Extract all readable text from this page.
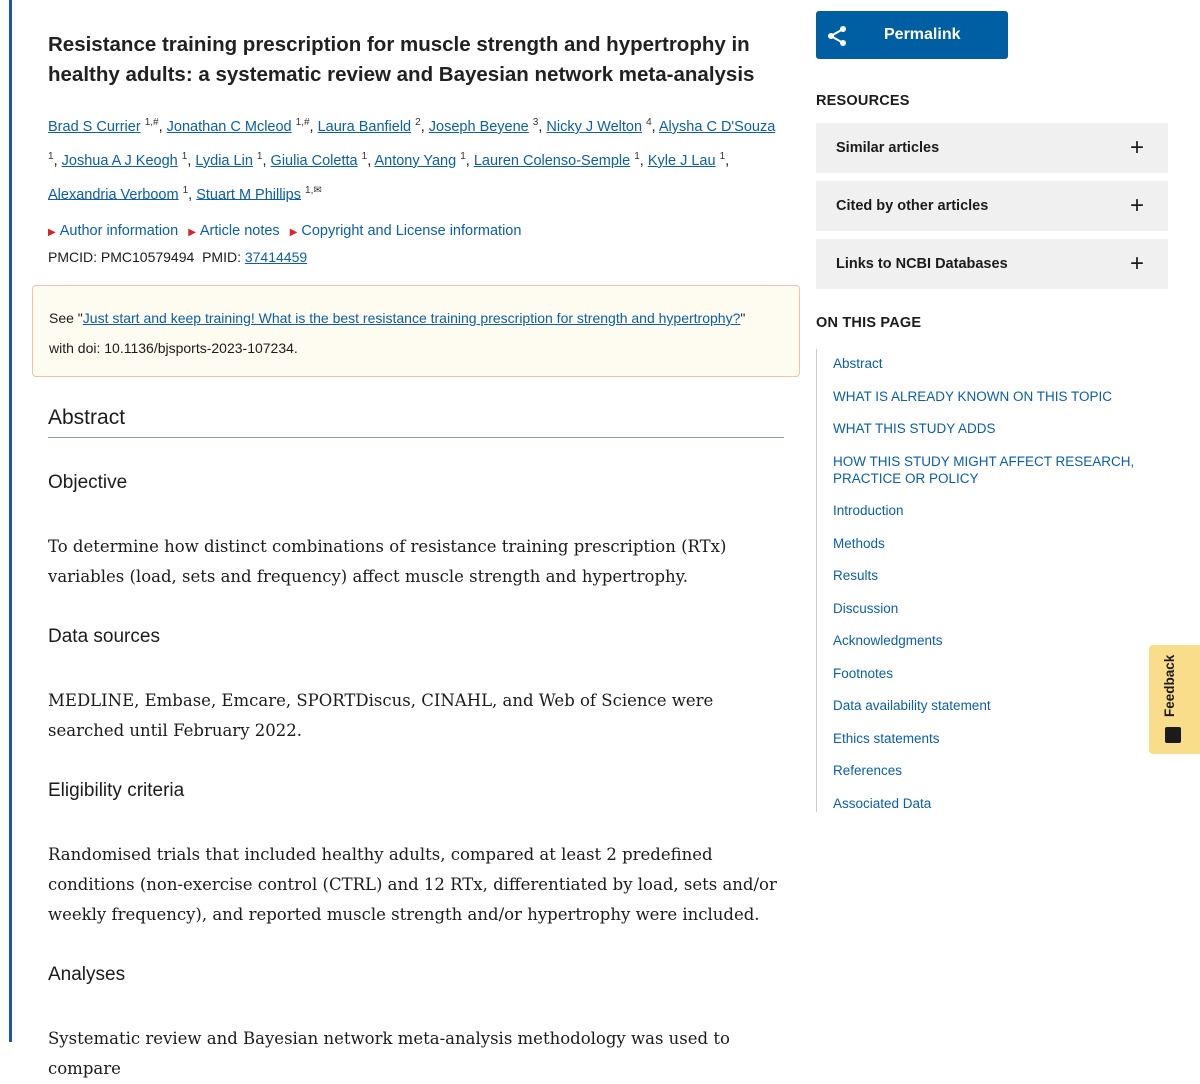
Resistance training prescription for muscle strength and hypertrophy in healthy adults: a systematic review and Bayesian network meta-analysis
Brad S Currier $^{1,\#}$, Jonathan C Mcleod $^{1,\#}$, Laura Banfield $^2$, Joseph Beyene $^3$, Nicky J Welton $^4$, Alysha C D'Souza $^1$, Joshua A J Keogh $^1$, Lydia Lin $^1$, Giulia Coletta $^1$, Antony Yang $^1$, Lauren Colenso-Semple $^1$, Kyle J Lau $^1$, Alexandria Verboom $^1$, Stuart M Phillips $^{1,✉}$
▶ Author information ▶ Article notes ▶ Copyright and License information
PMCID: PMC10579494 PMID: 37414459
See "Just start and keep training! What is the best resistance training prescription for strength and hypertrophy?"
with doi: 10.1136/bjsports-2023-107234.
Abstract
Objective

To determine how distinct combinations of resistance training prescription (RTx) variables (load, sets and frequency) affect muscle strength and hypertrophy.

Data sources

MEDLINE, Embase, Emcare, SPORTDiscus, CINAHL, and Web of Science were searched until February 2022.

Eligibility criteria

Randomised trials that included healthy adults, compared at least 2 predefined conditions (non-exercise control (CTRL) and 12 RTx, differentiated by load, sets and/or weekly frequency), and reported muscle strength and/or hypertrophy were included.

Analyses

Systematic review and Bayesian network meta-analysis methodology was used to compare

Permalink
RESOURCES
Similar articles	+
Cited by other articles	+
Links to NCBI Databases	+
ON THIS PAGE
Abstract
WHAT IS ALREADY KNOWN ON THIS TOPIC
WHAT THIS STUDY ADDS
HOW THIS STUDY MIGHT AFFECT RESEARCH, PRACTICE OR POLICY
Introduction
Methods
Results
Discussion
Acknowledgments
Footnotes
Data availability statement
Ethics statements
References
Associated Data
Feedback
